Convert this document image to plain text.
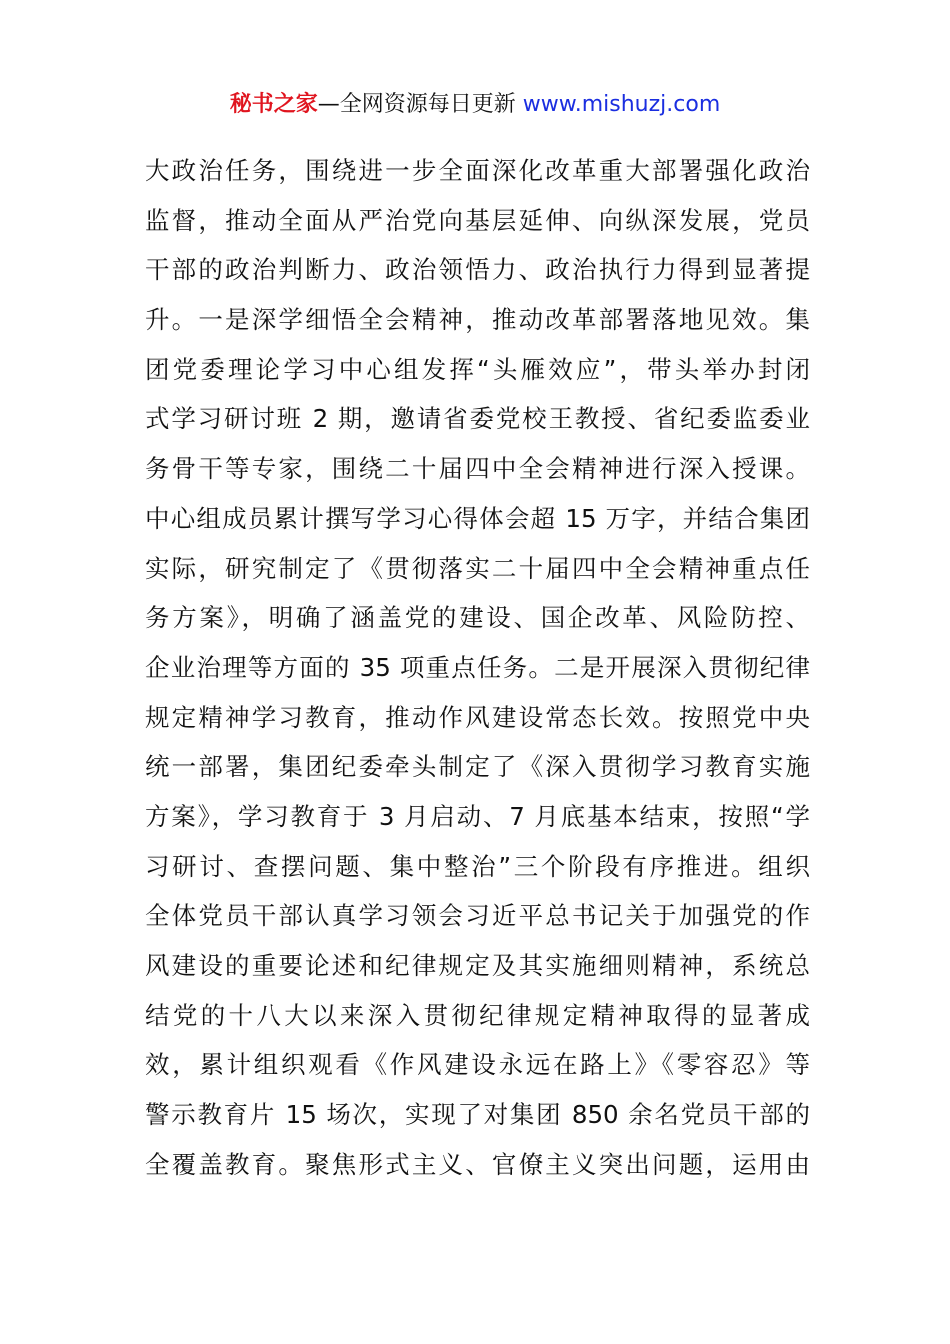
秘书之家—全网资源每日更新 www.mishuzj.com
大政治任务，围绕进一步全面深化改革重大部署强化政治
监督，推动全面从严治党向基层延伸、向纵深发展，党员
干部的政治判断力、政治领悟力、政治执行力得到显著提
升。一是深学细悟全会精神，推动改革部署落地见效。集
团党委理论学习中心组发挥“头雁效应”，带头举办封闭
式学习研讨班 2 期，邀请省委党校王教授、省纪委监委业
务骨干等专家，围绕二十届四中全会精神进行深入授课。
中心组成员累计撰写学习心得体会超 15 万字，并结合集团
实际，研究制定了《贯彻落实二十届四中全会精神重点任
务方案》，明确了涵盖党的建设、国企改革、风险防控、
企业治理等方面的 35 项重点任务。二是开展深入贯彻纪律
规定精神学习教育，推动作风建设常态长效。按照党中央
统一部署，集团纪委牵头制定了《深入贯彻学习教育实施
方案》，学习教育于 3 月启动、7 月底基本结束，按照“学
习研讨、查摆问题、集中整治”三个阶段有序推进。组织
全体党员干部认真学习领会习近平总书记关于加强党的作
风建设的重要论述和纪律规定及其实施细则精神，系统总
结党的十八大以来深入贯彻纪律规定精神取得的显著成
效，累计组织观看《作风建设永远在路上》《零容忍》等
警示教育片 15 场次，实现了对集团 850 余名党员干部的
全覆盖教育。聚焦形式主义、官僚主义突出问题，运用由
